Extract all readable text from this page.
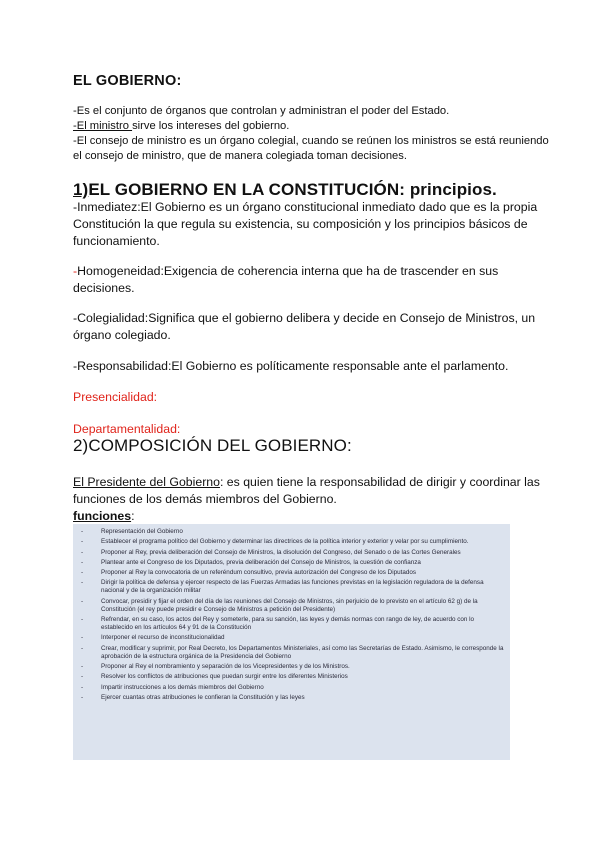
EL GOBIERNO:

-Es el conjunto de órganos que controlan y administran el poder del Estado.

-El ministro sirve los intereses del gobierno.

-El consejo de ministro es un órgano colegial, cuando se reúnen los ministros se está reuniendo el consejo de ministro, que de manera colegiada toman decisiones.

1)EL GOBIERNO EN LA CONSTITUCIÓN: principios.

-Inmediatez:El Gobierno es un órgano constitucional inmediato dado que es la propia Constitución la que regula su existencia, su composición y los principios básicos de funcionamiento.

-Homogeneidad:Exigencia de coherencia interna que ha de trascender en sus decisiones.

-Colegialidad:Significa que el gobierno delibera y decide en Consejo de Ministros, un órgano colegiado.

-Responsabilidad:El Gobierno es políticamente responsable ante el parlamento.

Presencialidad:
Departamentalidad:
2)COMPOSICIÓN DEL GOBIERNO:

El Presidente del Gobierno: es quien tiene la responsabilidad de dirigir y coordinar las funciones de los demás miembros del Gobierno.

funciones:
-	Representación del Gobierno
-	Establecer el programa político del Gobierno y determinar las directrices de la política interior y exterior y velar por su cumplimiento.
-	Proponer al Rey, previa deliberación del Consejo de Ministros, la disolución del Congreso, del Senado o de las Cortes Generales
-	Plantear ante el Congreso de los Diputados, previa deliberación del Consejo de Ministros, la cuestión de confianza
-	Proponer al Rey la convocatoria de un referéndum consultivo, previa autorización del Congreso de los Diputados
-	Dirigir la política de defensa y ejercer respecto de las Fuerzas Armadas las funciones previstas en la legislación reguladora de la defensa nacional y de la organización militar
-	Convocar, presidir y fijar el orden del día de las reuniones del Consejo de Ministros, sin perjuicio de lo previsto en el artículo 62 g) de la Constitución (el rey puede presidir e Consejo de Ministros a petición del Presidente)
-	Refrendar, en su caso, los actos del Rey y someterle, para su sanción, las leyes y demás normas con rango de ley, de acuerdo con lo establecido en los artículos 64 y 91 de la Constitución
-	Interponer el recurso de inconstitucionalidad
-	Crear, modificar y suprimir, por Real Decreto, los Departamentos Ministeriales, así como las Secretarías de Estado. Asimismo, le corresponde la aprobación de la estructura orgánica de la Presidencia del Gobierno
-	Proponer al Rey el nombramiento y separación de los Vicepresidentes y de los Ministros.
-	Resolver los conflictos de atribuciones que puedan surgir entre los diferentes Ministerios
-	Impartir instrucciones a los demás miembros del Gobierno
-	Ejercer cuantas otras atribuciones le confieran la Constitución y las leyes
